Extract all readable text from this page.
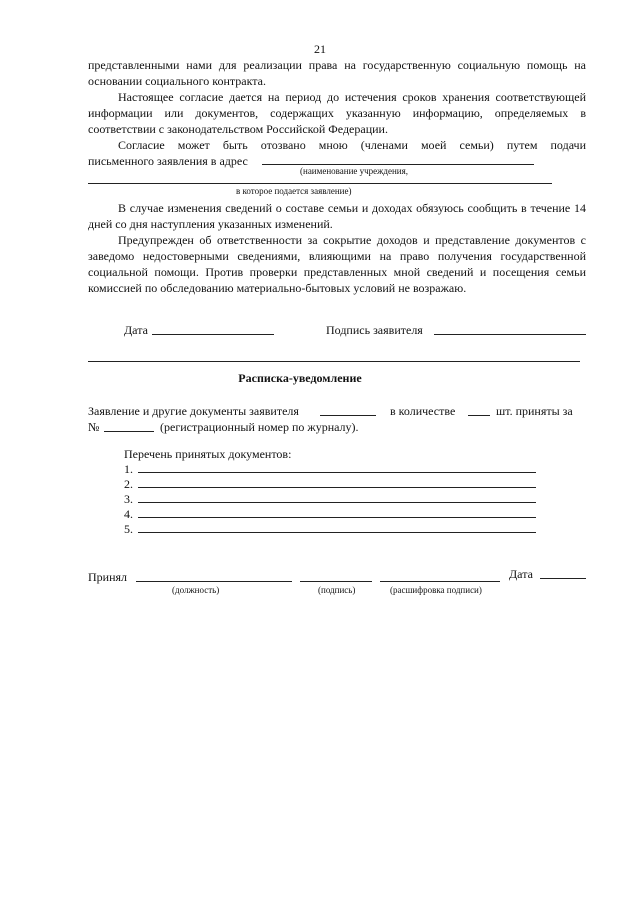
21
представленными нами для реализации права на государственную социальную помощь на
основании социального контракта.
Настоящее согласие дается на период до истечения сроков хранения соответствующей информации или документов, содержащих указанную информацию, определяемых в соответствии с законодательством Российской Федерации.
Согласие может быть отозвано мною (членами моей семьи) путем подачи
письменного заявления в адрес
(наименование учреждения,
в которое подается заявление)
В случае изменения сведений о составе семьи и доходах обязуюсь сообщить в течение 14 дней со дня наступления указанных изменений.
Предупрежден об ответственности за сокрытие доходов и представление документов с заведомо недостоверными сведениями, влияющими на право получения государственной социальной помощи. Против проверки представленных мной сведений и посещения семьи комиссией по обследованию материально-бытовых условий не возражаю.
Дата	Подпись заявителя
Расписка-уведомление
Заявление и другие документы заявителя	в количестве	шт. приняты за
№	(регистрационный номер по журналу).
Перечень принятых документов:
1.
2.
3.
4.
5.
Принял	Дата
(должность)	(подпись)	(расшифровка подписи)
